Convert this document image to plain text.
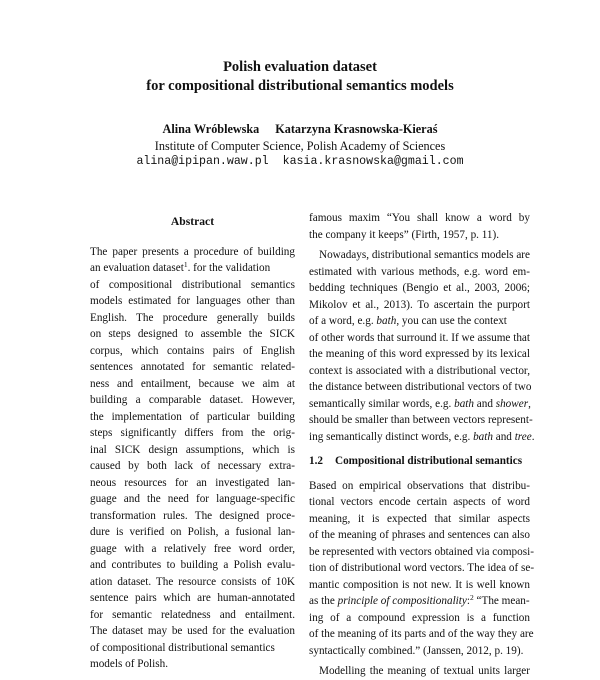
Polish evaluation dataset
for compositional distributional semantics models
Alina Wróblewska Katarzyna Krasnowska-Kieraś
Institute of Computer Science, Polish Academy of Sciences
alina@ipipan.waw.pl kasia.krasnowska@gmail.com
Abstract
The paper presents a procedure of building
an evaluation dataset$^1$. for the validation
of compositional distributional semantics
models estimated for languages other than
English. The procedure generally builds
on steps designed to assemble the SICK
corpus, which contains pairs of English
sentences annotated for semantic related-
ness and entailment, because we aim at
building a comparable dataset. However,
the implementation of particular building
steps significantly differs from the orig-
inal SICK design assumptions, which is
caused by both lack of necessary extra-
neous resources for an investigated lan-
guage and the need for language-specific
transformation rules. The designed proce-
dure is verified on Polish, a fusional lan-
guage with a relatively free word order,
and contributes to building a Polish evalu-
ation dataset. The resource consists of 10K
sentence pairs which are human-annotated
for semantic relatedness and entailment.
The dataset may be used for the evaluation
of compositional distributional semantics
models of Polish.
famous maxim “You shall know a word by
the company it keeps” (Firth, 1957, p. 11).
Nowadays, distributional semantics models are
estimated with various methods, e.g. word em-
bedding techniques (Bengio et al., 2003, 2006;
Mikolov et al., 2013). To ascertain the purport
of a word, e.g. bath, you can use the context
of other words that surround it. If we assume that
the meaning of this word expressed by its lexical
context is associated with a distributional vector,
the distance between distributional vectors of two
semantically similar words, e.g. bath and shower,
should be smaller than between vectors represent-
ing semantically distinct words, e.g. bath and tree.
1.2 Compositional distributional semantics
Based on empirical observations that distribu-
tional vectors encode certain aspects of word
meaning, it is expected that similar aspects
of the meaning of phrases and sentences can also
be represented with vectors obtained via composi-
tion of distributional word vectors. The idea of se-
mantic composition is not new. It is well known
as the principle of compositionality:$^2$ “The mean-
ing of a compound expression is a function
of the meaning of its parts and of the way they are
syntactically combined.” (Janssen, 2012, p. 19).
Modelling the meaning of textual units larger
